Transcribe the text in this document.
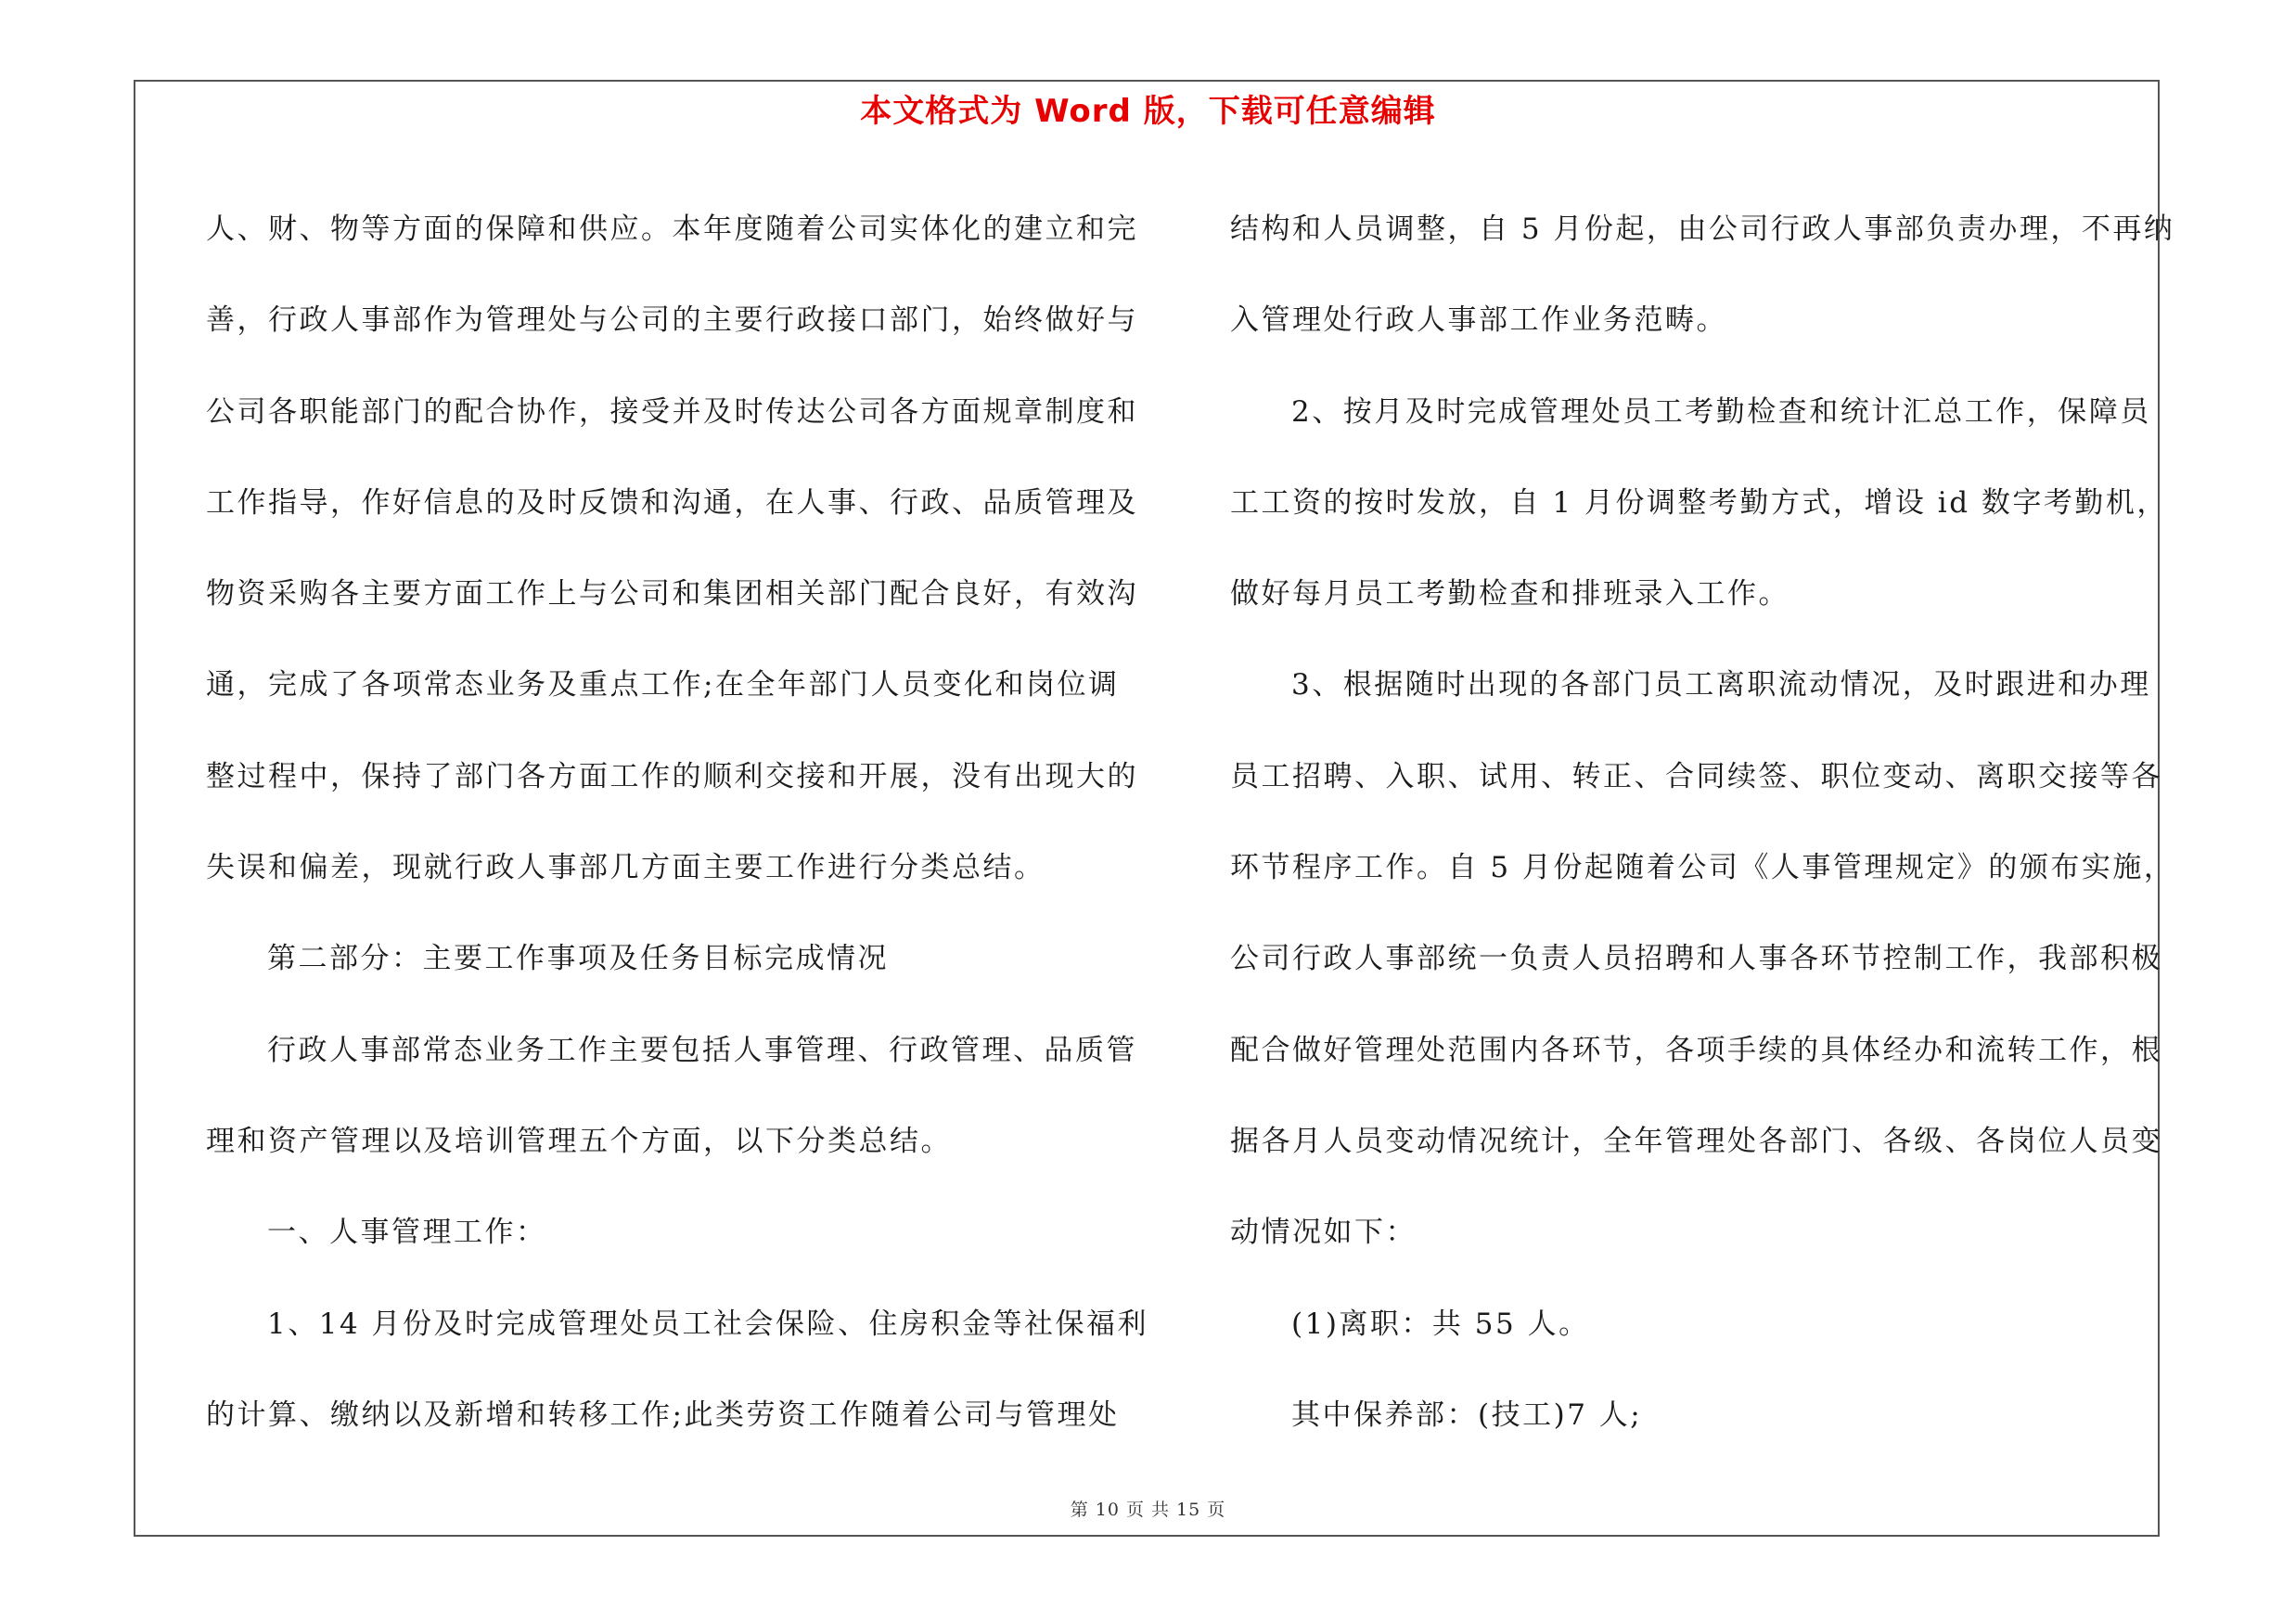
本文格式为 Word 版，下载可任意编辑
人、财、物等方面的保障和供应。本年度随着公司实体化的建立和完
善，行政人事部作为管理处与公司的主要行政接口部门，始终做好与
公司各职能部门的配合协作，接受并及时传达公司各方面规章制度和
工作指导，作好信息的及时反馈和沟通，在人事、行政、品质管理及
物资采购各主要方面工作上与公司和集团相关部门配合良好，有效沟
通，完成了各项常态业务及重点工作;在全年部门人员变化和岗位调
整过程中，保持了部门各方面工作的顺利交接和开展，没有出现大的
失误和偏差，现就行政人事部几方面主要工作进行分类总结。
第二部分：主要工作事项及任务目标完成情况
行政人事部常态业务工作主要包括人事管理、行政管理、品质管
理和资产管理以及培训管理五个方面，以下分类总结。
一、人事管理工作：
1、14 月份及时完成管理处员工社会保险、住房积金等社保福利
的计算、缴纳以及新增和转移工作;此类劳资工作随着公司与管理处
结构和人员调整，自 5 月份起，由公司行政人事部负责办理，不再纳
入管理处行政人事部工作业务范畴。
2、按月及时完成管理处员工考勤检查和统计汇总工作，保障员
工工资的按时发放，自 1 月份调整考勤方式，增设 id 数字考勤机，
做好每月员工考勤检查和排班录入工作。
3、根据随时出现的各部门员工离职流动情况，及时跟进和办理
员工招聘、入职、试用、转正、合同续签、职位变动、离职交接等各
环节程序工作。自 5 月份起随着公司《人事管理规定》的颁布实施，
公司行政人事部统一负责人员招聘和人事各环节控制工作，我部积极
配合做好管理处范围内各环节，各项手续的具体经办和流转工作，根
据各月人员变动情况统计，全年管理处各部门、各级、各岗位人员变
动情况如下：
(1)离职：共 55 人。
其中保养部：(技工)7 人;
第 10 页 共 15 页
